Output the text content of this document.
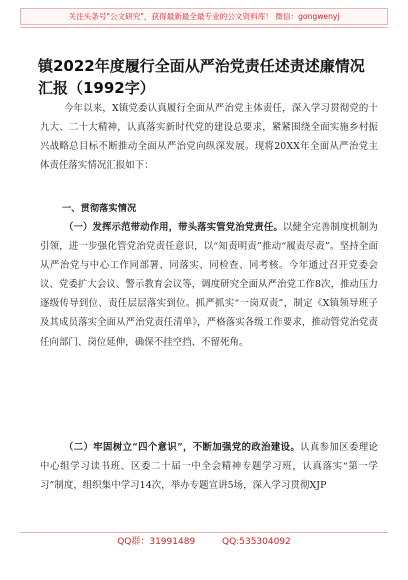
关注头条号"公文研究"，获得最新最全最专业的公文资料库！ 微信：gongwenyj
镇2022年度履行全面从严治党责任述责述廉情况汇报（1992字）
今年以来，X镇党委认真履行全面从严治党主体责任，深入学习贯彻党的十九大、二十大精神，认真落实新时代党的建设总要求，紧紧围绕全面实施乡村振兴战略总目标不断推动全面从严治党向纵深发展。现将20XX年全面从严治党主体责任落实情况汇报如下：
一、贯彻落实情况
（一）发挥示范带动作用，带头落实管党治党责任。以健全完善制度机制为引领，进一步强化管党治党责任意识，以“知责明责”推动“履责尽责”。坚持全面从严治党与中心工作同部署、同落实、同检查、同考核。今年通过召开党委会议、党委扩大会议、警示教育会议等，调度研究全面从严治党工作8次，推动压力逐级传导到位、责任层层落实到位。抓严抓实“一岗双责”，制定《X镇领导班子及其成员落实全面从严治党责任清单》，严格落实各级工作要求，推动管党治党责任向部门、岗位延伸，确保不挂空挡、不留死角。
（二）牢固树立“四个意识”，不断加强党的政治建设。认真参加区委理论中心组学习读书班、区委二十届一中全会精神专题学习班，认真落实“第一学习”制度，组织集中学习14次，举办专题宣讲5场，深入学习贯彻XJP
QQ群：31991489	QQ:535304092
